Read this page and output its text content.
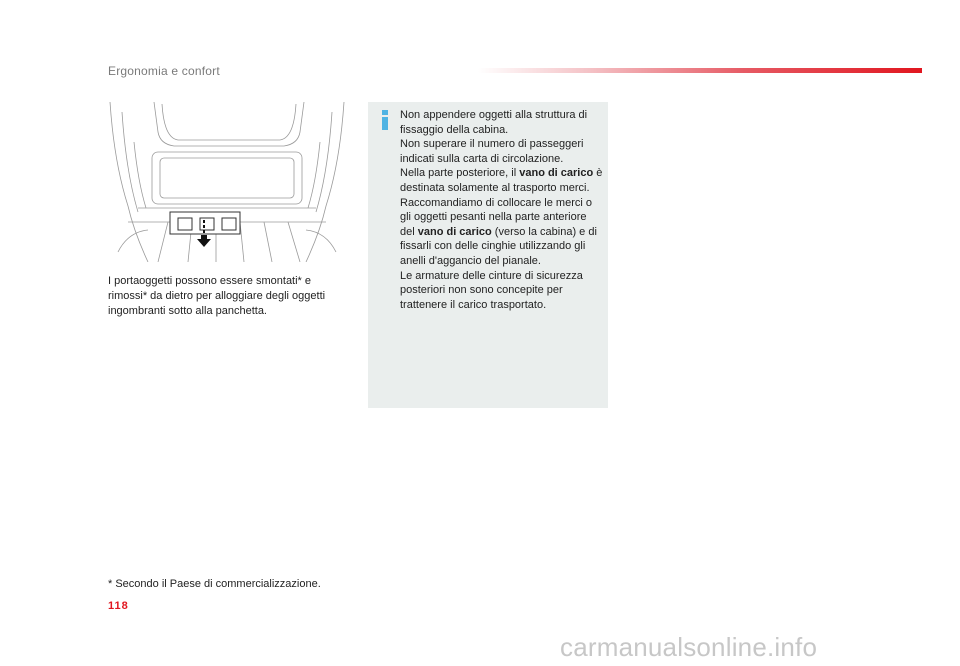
Ergonomia e confort
I portaoggetti possono essere smontati* e rimossi* da dietro per alloggiare degli oggetti ingombranti sotto alla panchetta.

Non appendere oggetti alla struttura di fissaggio della cabina.

Non superare il numero di passeggeri indicati sulla carta di circolazione.

Nella parte posteriore, il vano di carico è destinata solamente al trasporto merci.

Raccomandiamo di collocare le merci o gli oggetti pesanti nella parte anteriore del vano di carico (verso la cabina) e di fissarli con delle cinghie utilizzando gli anelli d'aggancio del pianale.

Le armature delle cinture di sicurezza posteriori non sono concepite per trattenere il carico trasportato.

* Secondo il Paese di commercializzazione.
118
carmanualsonline.info
